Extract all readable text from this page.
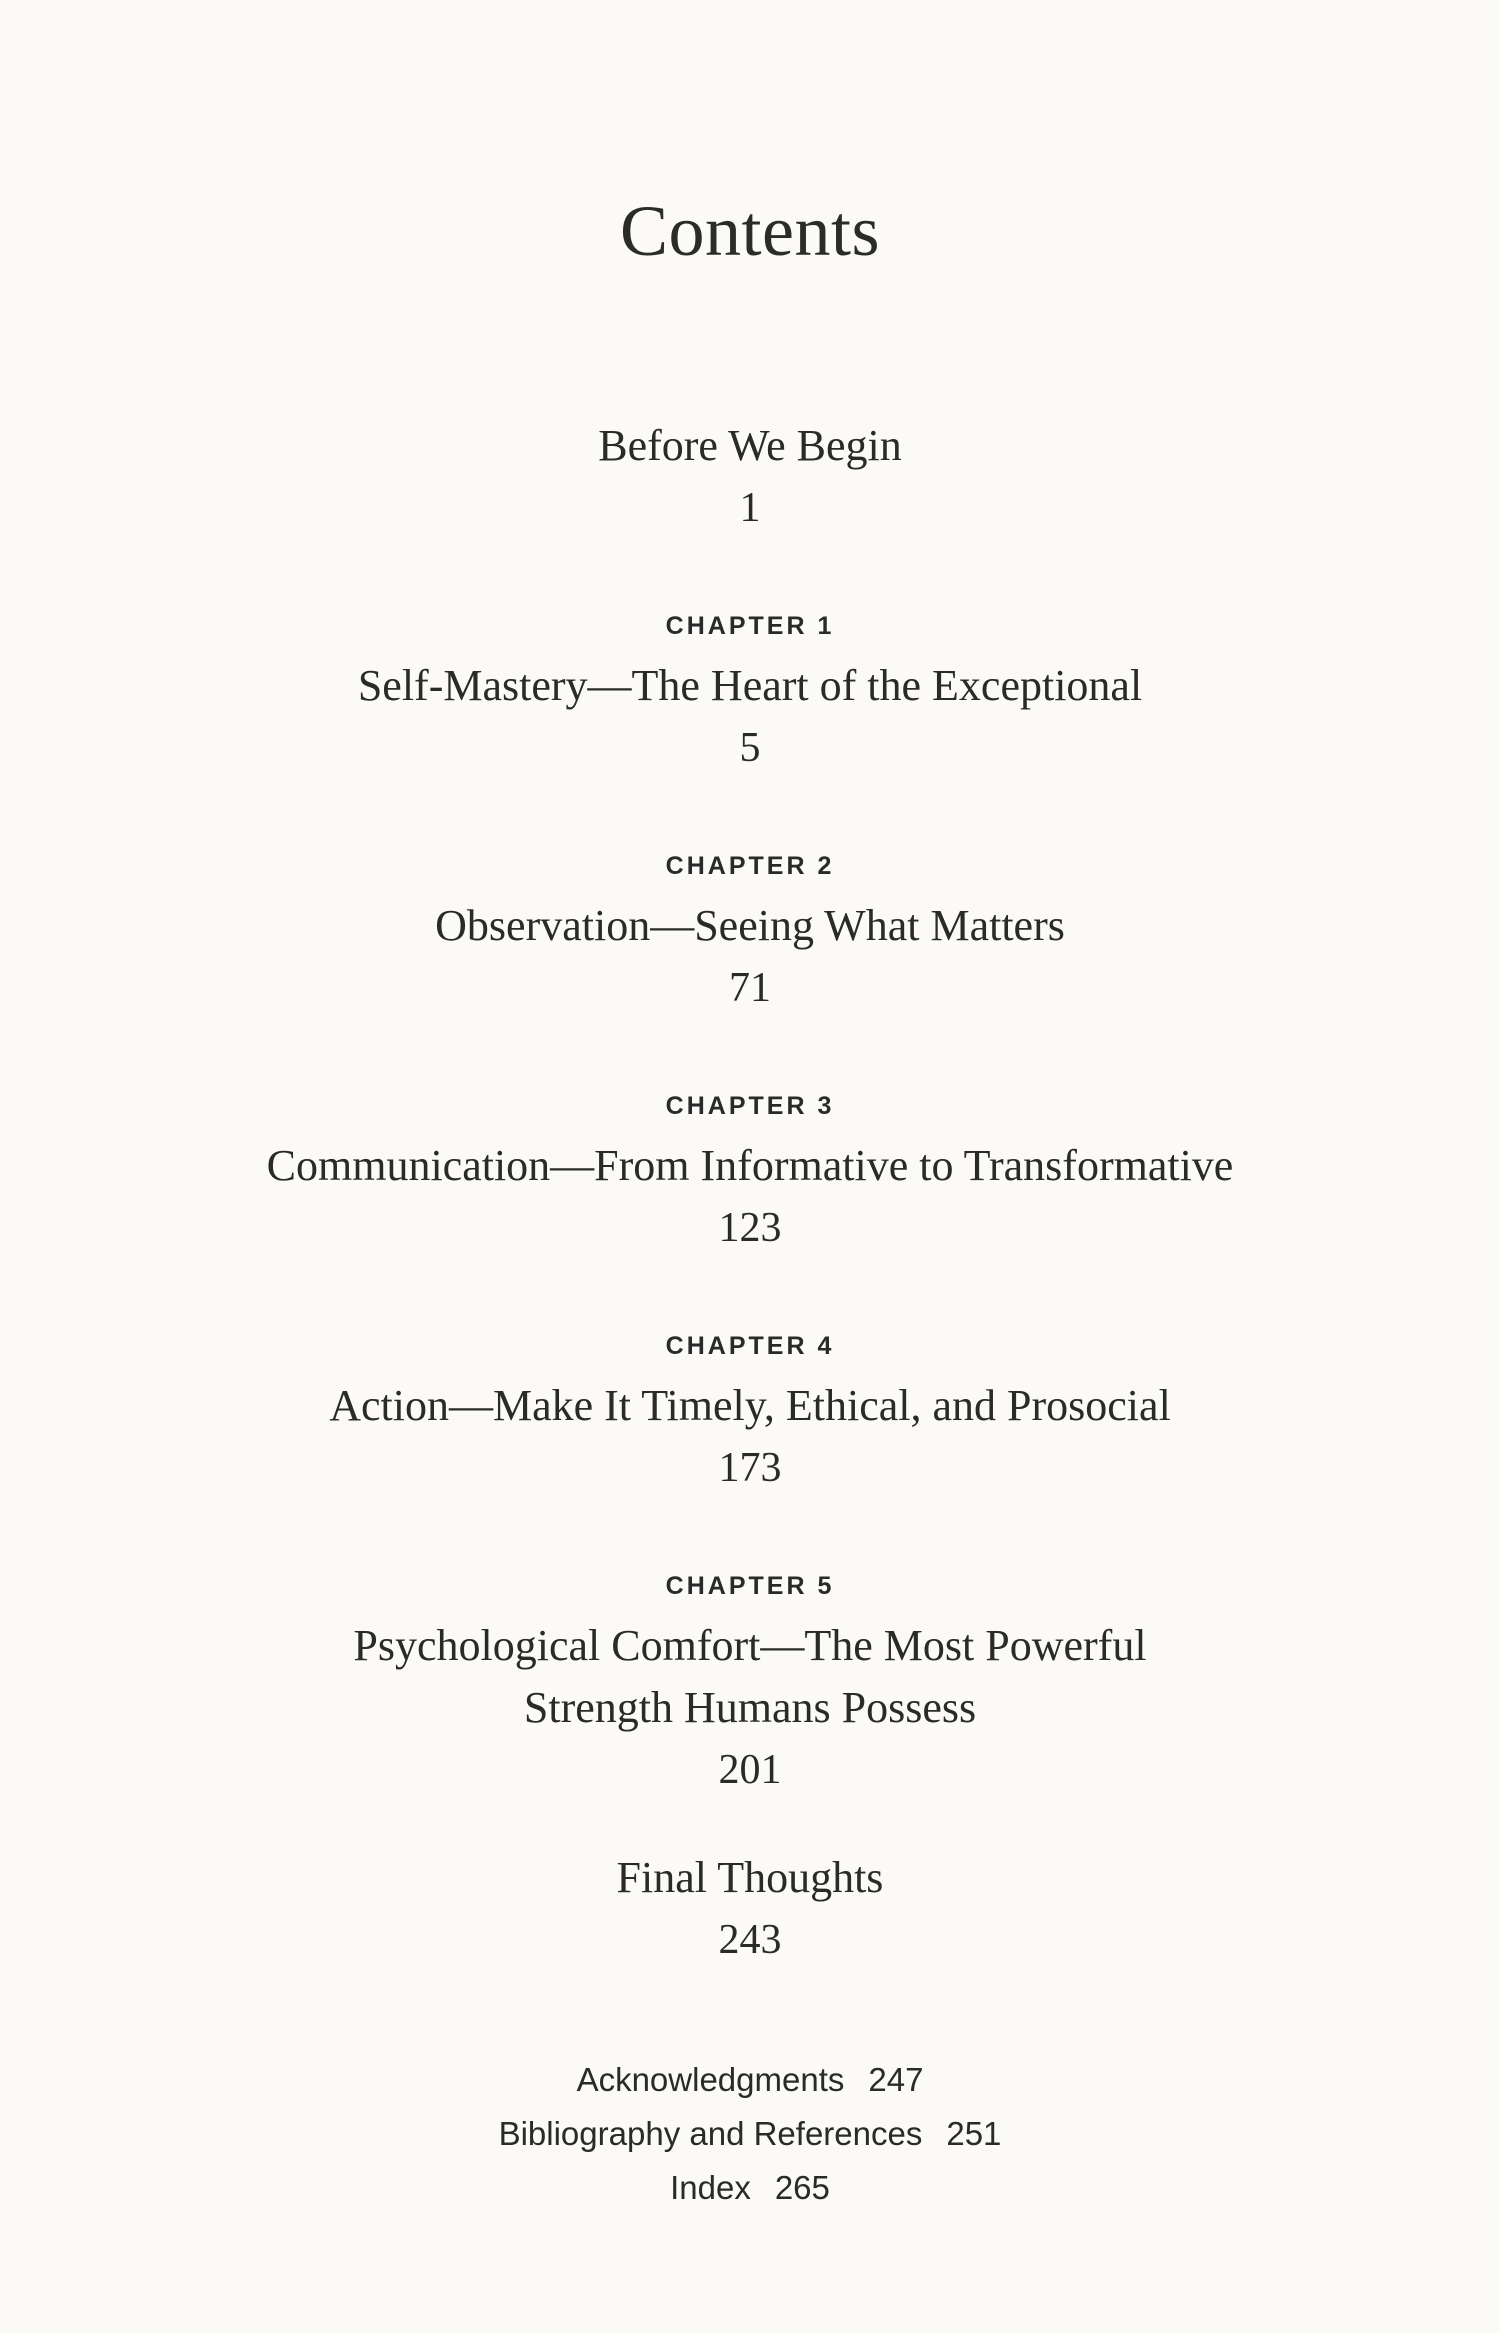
Contents
Before We Begin
1
CHAPTER 1
Self-Mastery—The Heart of the Exceptional
5
CHAPTER 2
Observation—Seeing What Matters
71
CHAPTER 3
Communication—From Informative to Transformative
123
CHAPTER 4
Action—Make It Timely, Ethical, and Prosocial
173
CHAPTER 5
Psychological Comfort—The Most Powerful
Strength Humans Possess
201
Final Thoughts
243
Acknowledgments 247
Bibliography and References 251
Index 265
